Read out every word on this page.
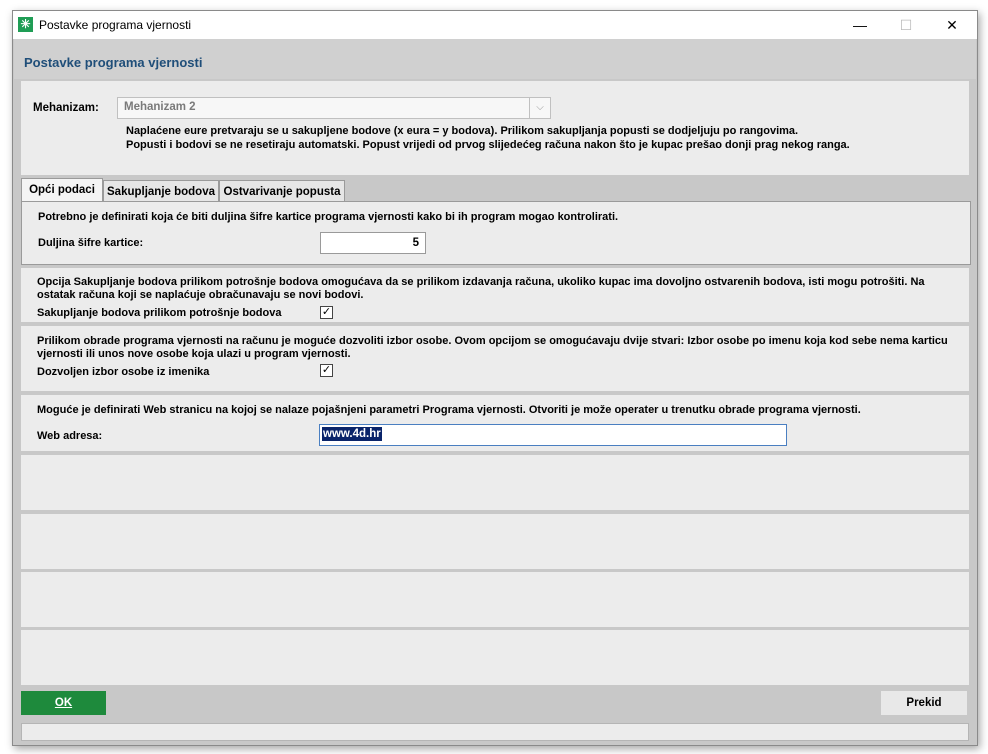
✳ Postavke programa vjernosti	—	☐	✕
Postavke programa vjernosti
Mehanizam: Mehanizam 2	⌵
Naplaćene eure pretvaraju se u sakupljene bodove (x eura = y bodova). Prilikom sakupljanja popusti se dodjeljuju po rangovima.
Popusti i bodovi se ne resetiraju automatski. Popust vrijedi od prvog slijedećeg računa nakon što je kupac prešao donji prag nekog ranga.
Opći podaci	Sakupljanje bodova Ostvarivanje popusta
Potrebno je definirati koja će biti duljina šifre kartice programa vjernosti kako bi ih program mogao kontrolirati.
Duljina šifre kartice:	5
Opcija Sakupljanje bodova prilikom potrošnje bodova omogućava da se prilikom izdavanja računa, ukoliko kupac ima dovoljno ostvarenih bodova, isti mogu potrošiti. Na
ostatak računa koji se naplaćuje obračunavaju se novi bodovi.
Sakupljanje bodova prilikom potrošnje bodova	✓
Prilikom obrade programa vjernosti na računu je moguće dozvoliti izbor osobe. Ovom opcijom se omogućavaju dvije stvari: Izbor osobe po imenu koja kod sebe nema karticu
vjernosti ili unos nove osobe koja ulazi u program vjernosti.
Dozvoljen izbor osobe iz imenika	✓
Moguće je definirati Web stranicu na kojoj se nalaze pojašnjeni parametri Programa vjernosti. Otvoriti je može operater u trenutku obrade programa vjernosti.
Web adresa:	www.4d.hr
OK	Prekid
